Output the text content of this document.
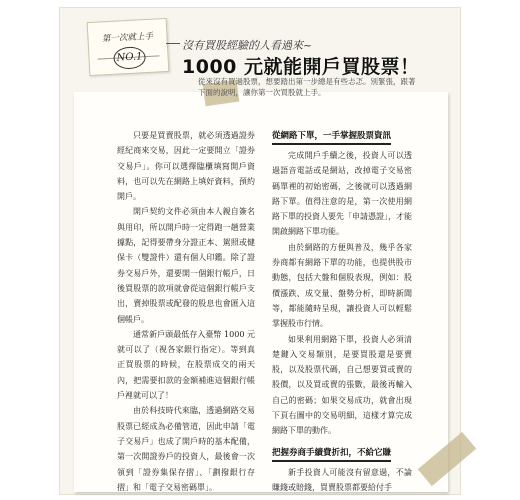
第一次就上手
NO.1
沒有買股經驗的人看過來~
1000 元就能開戶買股票！
從來沒有買過股票，想要踏出第一步總是有些忐忑。別緊張，跟著下面的說明，讓你第一次買股就上手。

只要是買賣股票，就必須透過證券經紀商來交易，因此一定要開立「證券交易戶」。你可以選擇臨櫃填寫開戶資料，也可以先在網路上填好資料，預約開戶。

開戶契約文件必須由本人親自簽名與用印，所以開戶時一定得跑一趟營業據點，記得要帶身分證正本、駕照或健保卡（雙證件）還有個人印鑑。除了證券交易戶外，還要開一個銀行帳戶，日後買股票的款項就會從這個銀行帳戶支出，賣掉股票或配發的股息也會匯入這個帳戶。

通常新戶頭最低存入臺幣 1000 元就可以了（視各家銀行指定）。等到真正買股票的時候，在股票成交的兩天內，把需要扣款的金額補進這個銀行帳戶裡就可以了！

由於科技時代來臨，透過網路交易股票已經成為必備管道，因此申請「電子交易戶」也成了開戶時的基本配備，第一次開證券戶的投資人，最後會一次領到「證券集保存摺」、「劃撥銀行存摺」和「電子交易密碼單」。

從網路下單，一手掌握股票資訊

完成開戶手續之後，投資人可以透過語音電話或是網站，改掉電子交易密碼單裡的初始密碼，之後就可以透過網路下單。值得注意的是，第一次使用網路下單的投資人要先「申請憑證」，才能開啟網路下單功能。

由於網路的方便與普及，幾乎各家券商都有網路下單的功能，也提供股市動態，包括大盤和個股表現，例如：股價漲跌、成交量、盤勢分析，即時新聞等，都能隨時呈現，讓投資人可以輕鬆掌握股市行情。

如果利用網路下單，投資人必須清楚鍵入交易類別，是要買股還是要賣股，以及股票代碼，自己想要買或賣的股價，以及買或賣的張數，最後再輸入自己的密碼；如果交易成功，就會出現下頁右圖中的交易明細，這樣才算完成網路下單的動作。

把握券商手續費折扣，不給它賺

新手投資人可能沒有留意過，不論賺錢或賠錢，買賣股票都要給付手
